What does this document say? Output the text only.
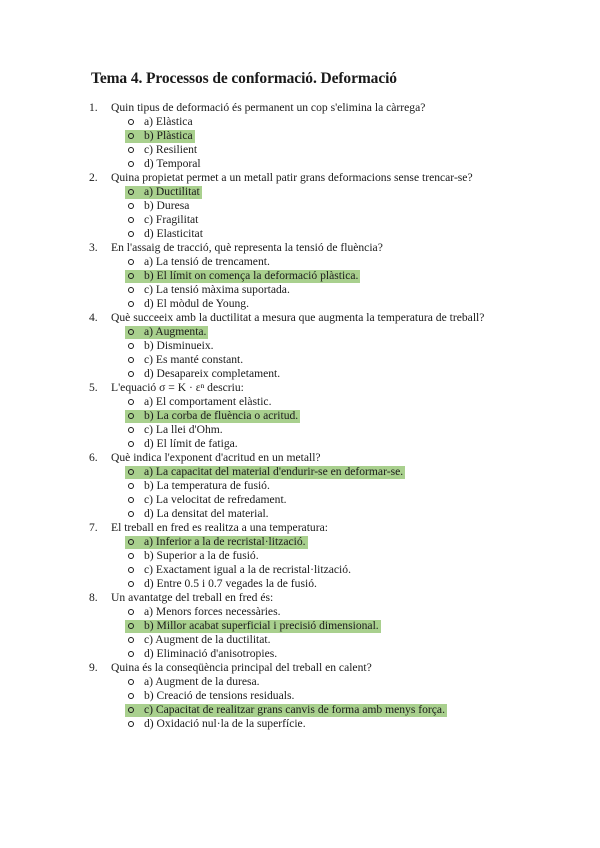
Tema 4. Processos de conformació. Deformació
1. Quin tipus de deformació és permanent un cop s'elimina la càrrega?
a) Elàstica
b) Plàstica
c) Resilient
d) Temporal
2. Quina propietat permet a un metall patir grans deformacions sense trencar-se?
a) Ductilitat
b) Duresa
c) Fragilitat
d) Elasticitat
3. En l'assaig de tracció, què representa la tensió de fluència?
a) La tensió de trencament.
b) El límit on comença la deformació plàstica.
c) La tensió màxima suportada.
d) El mòdul de Young.
4. Què succeeix amb la ductilitat a mesura que augmenta la temperatura de treball?
a) Augmenta.
b) Disminueix.
c) Es manté constant.
d) Desapareix completament.
5. L'equació σ = K · εⁿ descriu:
a) El comportament elàstic.
b) La corba de fluència o acritud.
c) La llei d'Ohm.
d) El límit de fatiga.
6. Què indica l'exponent d'acritud en un metall?
a) La capacitat del material d'endurir-se en deformar-se.
b) La temperatura de fusió.
c) La velocitat de refredament.
d) La densitat del material.
7. El treball en fred es realitza a una temperatura:
a) Inferior a la de recristal·lització.
b) Superior a la de fusió.
c) Exactament igual a la de recristal·lització.
d) Entre 0.5 i 0.7 vegades la de fusió.
8. Un avantatge del treball en fred és:
a) Menors forces necessàries.
b) Millor acabat superficial i precisió dimensional.
c) Augment de la ductilitat.
d) Eliminació d'anisotropies.
9. Quina és la conseqüència principal del treball en calent?
a) Augment de la duresa.
b) Creació de tensions residuals.
c) Capacitat de realitzar grans canvis de forma amb menys força.
d) Oxidació nul·la de la superfície.
